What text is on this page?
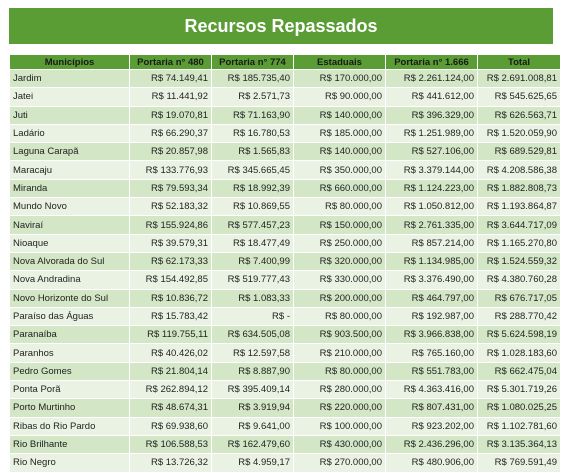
Recursos Repassados
Municípios	Portaria n° 480	Portaria n° 774	Estaduais	Portaria n° 1.666	Total
Jardim	R$ 74.149,41	R$ 185.735,40	R$ 170.000,00	R$ 2.261.124,00	R$ 2.691.008,81
Jatei	R$ 11.441,92	R$ 2.571,73	R$ 90.000,00	R$ 441.612,00	R$ 545.625,65
Juti	R$ 19.070,81	R$ 71.163,90	R$ 140.000,00	R$ 396.329,00	R$ 626.563,71
Ladário	R$ 66.290,37	R$ 16.780,53	R$ 185.000,00	R$ 1.251.989,00	R$ 1.520.059,90
Laguna Carapã	R$ 20.857,98	R$ 1.565,83	R$ 140.000,00	R$ 527.106,00	R$ 689.529,81
Maracaju	R$ 133.776,93	R$ 345.665,45	R$ 350.000,00	R$ 3.379.144,00	R$ 4.208.586,38
Miranda	R$ 79.593,34	R$ 18.992,39	R$ 660.000,00	R$ 1.124.223,00	R$ 1.882.808,73
Mundo Novo	R$ 52.183,32	R$ 10.869,55	R$ 80.000,00	R$ 1.050.812,00	R$ 1.193.864,87
Naviraí	R$ 155.924,86	R$ 577.457,23	R$ 150.000,00	R$ 2.761.335,00	R$ 3.644.717,09
Nioaque	R$ 39.579,31	R$ 18.477,49	R$ 250.000,00	R$ 857.214,00	R$ 1.165.270,80
Nova Alvorada do Sul	R$ 62.173,33	R$ 7.400,99	R$ 320.000,00	R$ 1.134.985,00	R$ 1.524.559,32
Nova Andradina	R$ 154.492,85	R$ 519.777,43	R$ 330.000,00	R$ 3.376.490,00	R$ 4.380.760,28
Novo Horizonte do Sul	R$ 10.836,72	R$ 1.083,33	R$ 200.000,00	R$ 464.797,00	R$ 676.717,05
Paraíso das Águas	R$ 15.783,42	R$ -	R$ 80.000,00	R$ 192.987,00	R$ 288.770,42
Paranaíba	R$ 119.755,11	R$ 634.505,08	R$ 903.500,00	R$ 3.966.838,00	R$ 5.624.598,19
Paranhos	R$ 40.426,02	R$ 12.597,58	R$ 210.000,00	R$ 765.160,00	R$ 1.028.183,60
Pedro Gomes	R$ 21.804,14	R$ 8.887,90	R$ 80.000,00	R$ 551.783,00	R$ 662.475,04
Ponta Porã	R$ 262.894,12	R$ 395.409,14	R$ 280.000,00	R$ 4.363.416,00	R$ 5.301.719,26
Porto Murtinho	R$ 48.674,31	R$ 3.919,94	R$ 220.000,00	R$ 807.431,00	R$ 1.080.025,25
Ribas do Rio Pardo	R$ 69.938,60	R$ 9.641,00	R$ 100.000,00	R$ 923.202,00	R$ 1.102.781,60
Rio Brilhante	R$ 106.588,53	R$ 162.479,60	R$ 430.000,00	R$ 2.436.296,00	R$ 3.135.364,13
Rio Negro	R$ 13.726,32	R$ 4.959,17	R$ 270.000,00	R$ 480.906,00	R$ 769.591,49
